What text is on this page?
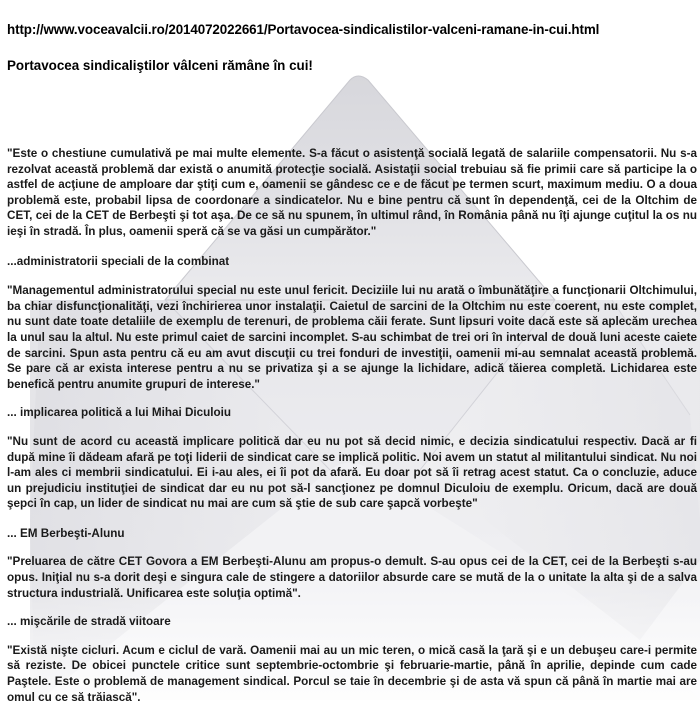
http://www.voceavalcii.ro/2014072022661/Portavocea-sindicalistilor-valceni-ramane-in-cui.html
Portavocea sindicaliştilor vâlceni rămâne în cui!

"Este o chestiune cumulativă pe mai multe elemente. S-a făcut o asistenţă socială legată de salariile compensatorii. Nu s-a rezolvat această problemă dar există o anumită protecţie socială. Asistaţii social trebuiau să fie primii care să participe la o astfel de acţiune de amploare dar ştiţi cum e, oamenii se gândesc ce e de făcut pe termen scurt, maximum mediu. O a doua problemă este, probabil lipsa de coordonare a sindicatelor. Nu e bine pentru că sunt în dependenţă, cei de la Oltchim de CET, cei de la CET de Berbeşti şi tot aşa. De ce să nu spunem, în ultimul rând, în România până nu îţi ajunge cuţitul la os nu ieşi în stradă. În plus, oamenii speră că se va găsi un cumpărător."

...administratorii speciali de la combinat

"Managementul administratorului special nu este unul fericit. Deciziile lui nu arată o îmbunătăţire a funcţionarii Oltchimului, ba chiar disfuncţionalităţi, vezi închirierea unor instalaţii. Caietul de sarcini de la Oltchim nu este coerent, nu este complet, nu sunt date toate detaliile de exemplu de terenuri, de problema căii ferate. Sunt lipsuri voite dacă este să aplecăm urechea la unul sau la altul. Nu este primul caiet de sarcini incomplet. S-au schimbat de trei ori în interval de două luni aceste caiete de sarcini. Spun asta pentru că eu am avut discuţii cu trei fonduri de investiţii, oamenii mi-au semnalat această problemă. Se pare că ar exista interese pentru a nu se privatiza şi a se ajunge la lichidare, adică tăierea completă. Lichidarea este benefică pentru anumite grupuri de interese."

... implicarea politică a lui Mihai Diculoiu

"Nu sunt de acord cu această implicare politică dar eu nu pot să decid nimic, e decizia sindicatului respectiv. Dacă ar fi după mine îi dădeam afară pe toţi liderii de sindicat care se implică politic. Noi avem un statut al militantului sindicat. Nu noi l-am ales ci membrii sindicatului. Ei i-au ales, ei îi pot da afară. Eu doar pot să îi retrag acest statut. Ca o concluzie, aduce un prejudiciu instituţiei de sindicat dar eu nu pot să-l sancţionez pe domnul Diculoiu de exemplu. Oricum, dacă are două şepci în cap, un lider de sindicat nu mai are cum să ştie de sub care şapcă vorbeşte"

... EM Berbeşti-Alunu

"Preluarea de către CET Govora a EM Berbeşti-Alunu am propus-o demult. S-au opus cei de la CET, cei de la Berbeşti s-au opus. Iniţial nu s-a dorit deşi e singura cale de stingere a datoriilor absurde care se mută de la o unitate la alta şi de a salva structura industrială. Unificarea este soluţia optimă".

... mişcările de stradă viitoare

"Există nişte cicluri. Acum e ciclul de vară. Oamenii mai au un mic teren, o mică casă la ţară şi e un debuşeu care-i permite să reziste. De obicei punctele critice sunt septembrie-octombrie şi februarie-martie, până în aprilie, depinde cum cade Paştele. Este o problemă de management sindical. Porcul se taie în decembrie şi de asta vă spun că până în martie mai are omul cu ce să trăiască".
